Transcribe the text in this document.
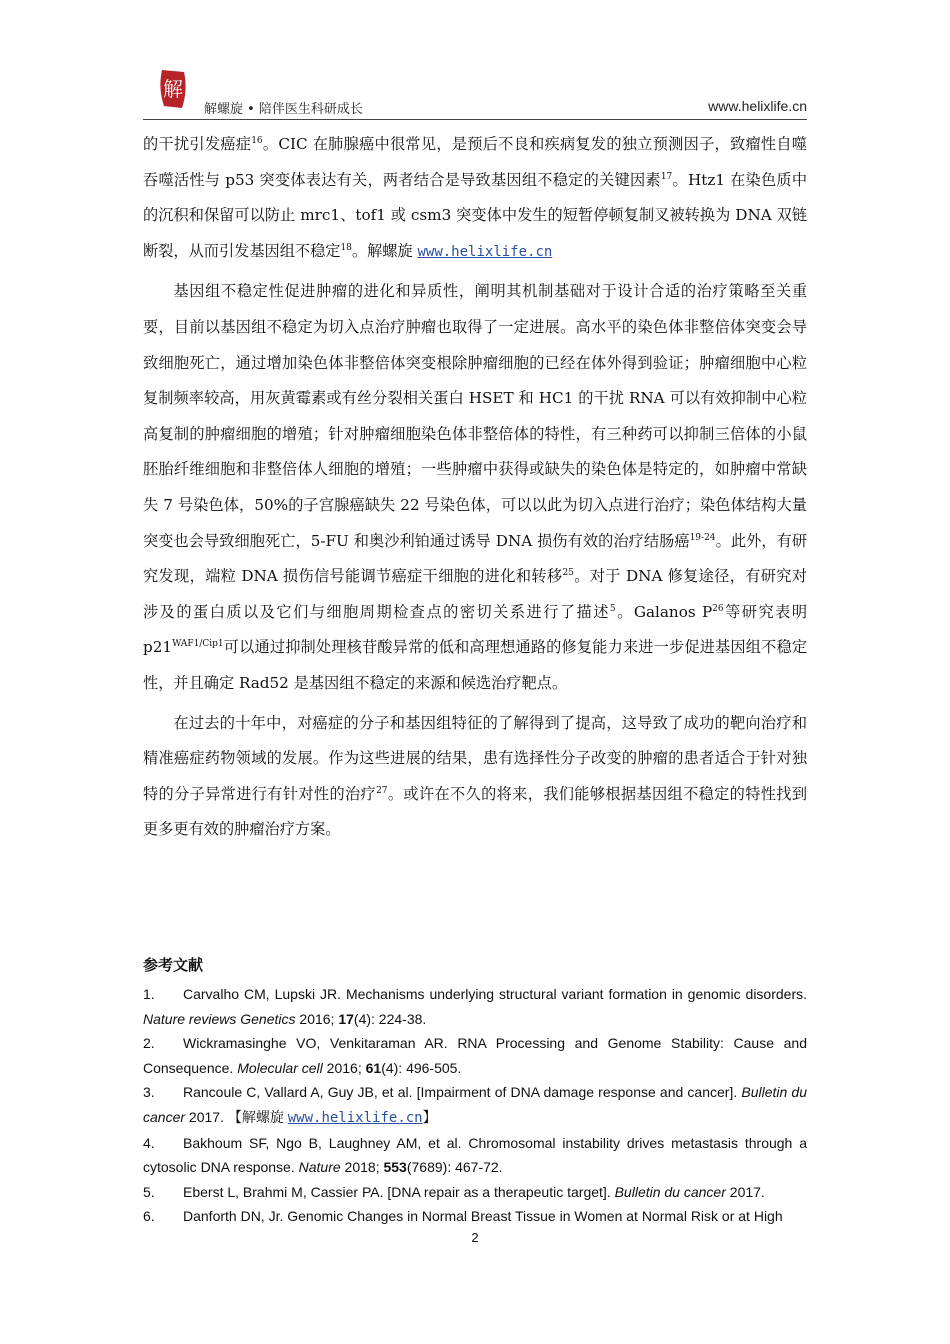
解
解螺旋 • 陪伴医生科研成长	www.helixlife.cn

的干扰引发癌症$^{16}$。CIC 在肺腺癌中很常见，是预后不良和疾病复发的独立预测因子，致瘤性自噬吞噬活性与 p53 突变体表达有关，两者结合是导致基因组不稳定的关键因素$^{17}$。Htz1 在染色质中的沉积和保留可以防止 mrc1、tof1 或 csm3 突变体中发生的短暂停顿复制叉被转换为 DNA 双链断裂，从而引发基因组不稳定$^{18}$。解螺旋 www.helixlife.cn

基因组不稳定性促进肿瘤的进化和异质性，阐明其机制基础对于设计合适的治疗策略至关重要，目前以基因组不稳定为切入点治疗肿瘤也取得了一定进展。高水平的染色体非整倍体突变会导致细胞死亡，通过增加染色体非整倍体突变根除肿瘤细胞的已经在体外得到验证；肿瘤细胞中心粒复制频率较高，用灰黄霉素或有丝分裂相关蛋白 HSET 和 HC1 的干扰 RNA 可以有效抑制中心粒高复制的肿瘤细胞的增殖；针对肿瘤细胞染色体非整倍体的特性，有三种药可以抑制三倍体的小鼠胚胎纤维细胞和非整倍体人细胞的增殖；一些肿瘤中获得或缺失的染色体是特定的，如肿瘤中常缺失 7 号染色体，50%的子宫腺癌缺失 22 号染色体，可以以此为切入点进行治疗；染色体结构大量突变也会导致细胞死亡，5-FU 和奥沙利铂通过诱导 DNA 损伤有效的治疗结肠癌$^{19-24}$。此外，有研究发现，端粒 DNA 损伤信号能调节癌症干细胞的进化和转移$^{25}$。对于 DNA 修复途径，有研究对涉及的蛋白质以及它们与细胞周期检查点的密切关系进行了描述$^5$。Galanos $P^{26}$等研究表明 $p21^{WAF1/Cip1}$可以通过抑制处理核苷酸异常的低和高理想通路的修复能力来进一步促进基因组不稳定性，并且确定 Rad52 是基因组不稳定的来源和候选治疗靶点。

在过去的十年中，对癌症的分子和基因组特征的了解得到了提高，这导致了成功的靶向治疗和精准癌症药物领域的发展。作为这些进展的结果，患有选择性分子改变的肿瘤的患者适合于针对独特的分子异常进行有针对性的治疗$^{27}$。或许在不久的将来，我们能够根据基因组不稳定的特性找到更多更有效的肿瘤治疗方案。

参考文献

1. Carvalho CM, Lupski JR. Mechanisms underlying structural variant formation in genomic disorders. Nature reviews Genetics 2016; 17(4): 224-38.

2. Wickramasinghe VO, Venkitaraman AR. RNA Processing and Genome Stability: Cause and Consequence. Molecular cell 2016; 61(4): 496-505.

3. Rancoule C, Vallard A, Guy JB, et al. [Impairment of DNA damage response and cancer]. Bulletin du cancer 2017. 【解螺旋 www.helixlife.cn】

4. Bakhoum SF, Ngo B, Laughney AM, et al. Chromosomal instability drives metastasis through a cytosolic DNA response. Nature 2018; 553(7689): 467-72.

5. Eberst L, Brahmi M, Cassier PA. [DNA repair as a therapeutic target]. Bulletin du cancer 2017.

6. Danforth DN, Jr. Genomic Changes in Normal Breast Tissue in Women at Normal Risk or at High

2
